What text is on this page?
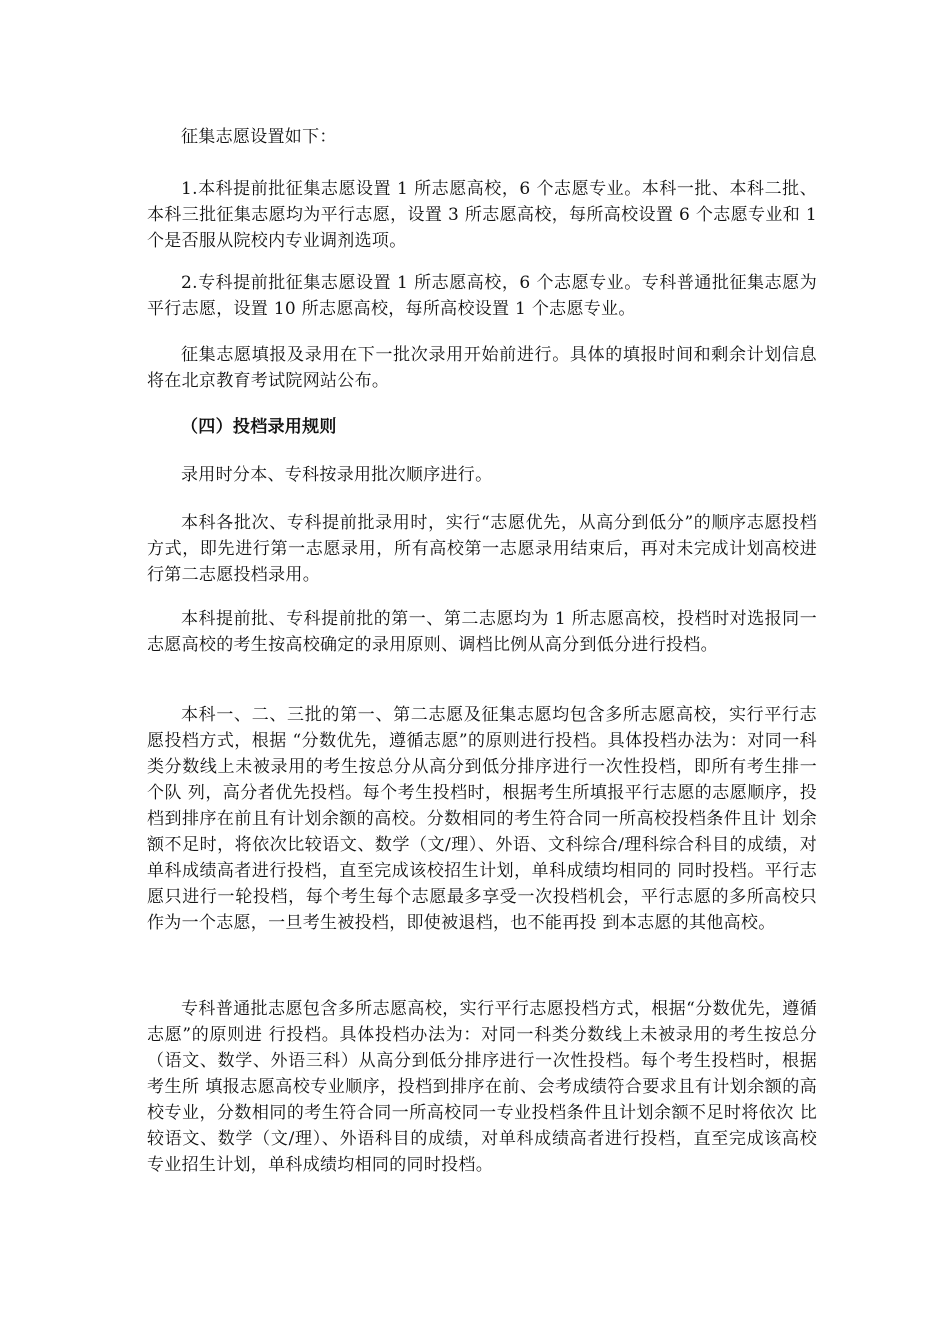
征集志愿设置如下：

1.本科提前批征集志愿设置 1 所志愿高校，6 个志愿专业。本科一批、本科二批、本科三批征集志愿均为平行志愿，设置 3 所志愿高校，每所高校设置 6 个志愿专业和 1 个是否服从院校内专业调剂选项。

2.专科提前批征集志愿设置 1 所志愿高校，6 个志愿专业。专科普通批征集志愿为平行志愿，设置 10 所志愿高校，每所高校设置 1 个志愿专业。

征集志愿填报及录用在下一批次录用开始前进行。具体的填报时间和剩余计划信息将在北京教育考试院网站公布。

（四）投档录用规则

录用时分本、专科按录用批次顺序进行。

本科各批次、专科提前批录用时，实行“志愿优先，从高分到低分”的顺序志愿投档方式，即先进行第一志愿录用，所有高校第一志愿录用结束后，再对未完成计划高校进行第二志愿投档录用。

本科提前批、专科提前批的第一、第二志愿均为 1 所志愿高校，投档时对选报同一志愿高校的考生按高校确定的录用原则、调档比例从高分到低分进行投档。

本科一、二、三批的第一、第二志愿及征集志愿均包含多所志愿高校，实行平行志愿投档方式，根据 “分数优先，遵循志愿”的原则进行投档。具体投档办法为：对同一科类分数线上未被录用的考生按总分从高分到低分排序进行一次性投档，即所有考生排一个队 列，高分者优先投档。每个考生投档时，根据考生所填报平行志愿的志愿顺序，投档到排序在前且有计划余额的高校。分数相同的考生符合同一所高校投档条件且计 划余额不足时，将依次比较语文、数学（文/理）、外语、文科综合/理科综合科目的成绩，对单科成绩高者进行投档，直至完成该校招生计划，单科成绩均相同的 同时投档。平行志愿只进行一轮投档，每个考生每个志愿最多享受一次投档机会，平行志愿的多所高校只作为一个志愿，一旦考生被投档，即使被退档，也不能再投 到本志愿的其他高校。

专科普通批志愿包含多所志愿高校，实行平行志愿投档方式，根据“分数优先，遵循志愿”的原则进 行投档。具体投档办法为：对同一科类分数线上未被录用的考生按总分（语文、数学、外语三科）从高分到低分排序进行一次性投档。每个考生投档时，根据考生所 填报志愿高校专业顺序，投档到排序在前、会考成绩符合要求且有计划余额的高校专业，分数相同的考生符合同一所高校同一专业投档条件且计划余额不足时将依次 比较语文、数学（文/理）、外语科目的成绩，对单科成绩高者进行投档，直至完成该高校专业招生计划，单科成绩均相同的同时投档。
